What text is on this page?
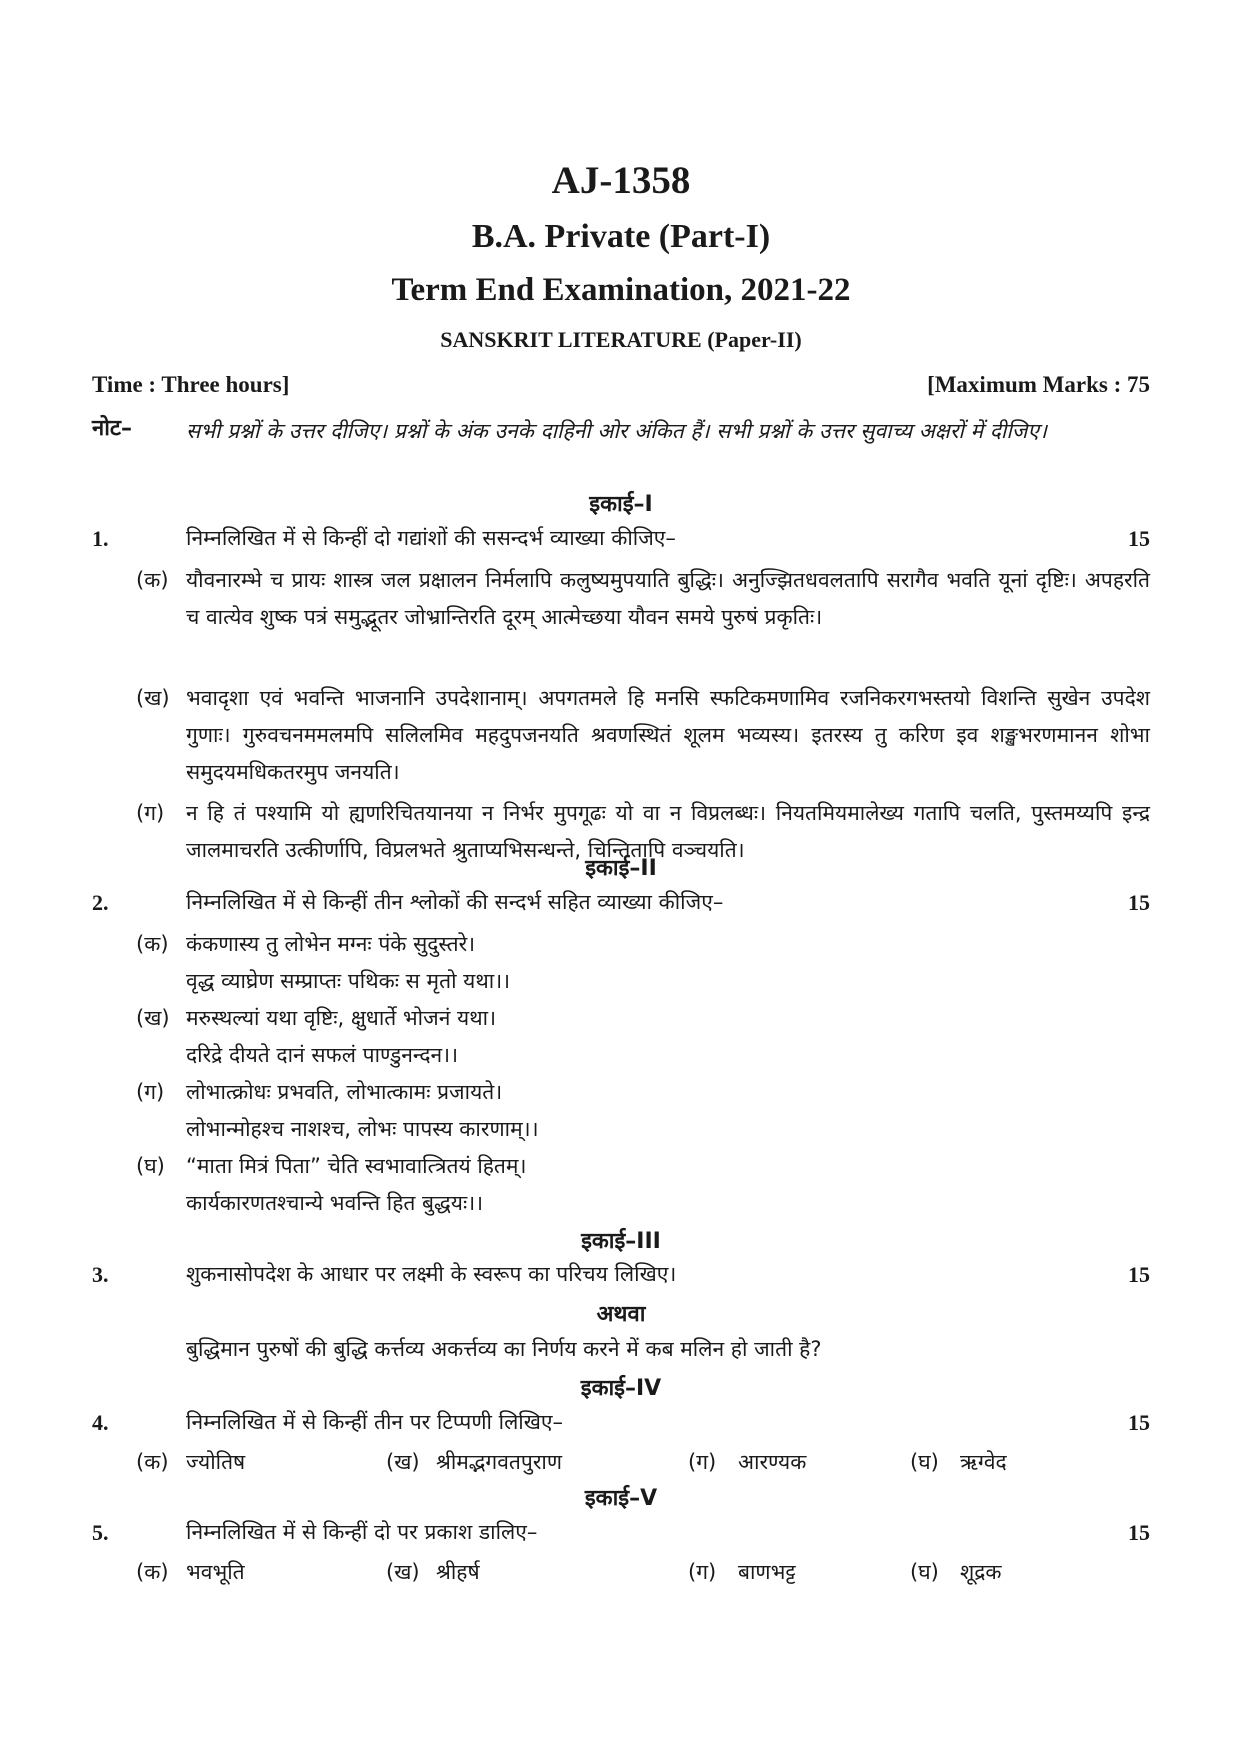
AJ-1358
B.A. Private (Part-I)
Term End Examination, 2021-22
SANSKRIT LITERATURE (Paper-II)
Time : Three hours]	[Maximum Marks : 75
नोट–	सभी प्रश्नों के उत्तर दीजिए। प्रश्नों के अंक उनके दाहिनी ओर अंकित हैं। सभी प्रश्नों के उत्तर सुवाच्य अक्षरों में दीजिए।
इकाई–I
1.	निम्नलिखित में से किन्हीं दो गद्यांशों की ससन्दर्भ व्याख्या कीजिए–	15
(क) यौवनारम्भे च प्रायः शास्त्र जल प्रक्षालन निर्मलापि कलुष्यमुपयाति बुद्धिः। अनुज्झितधवलतापि सरागैव भवति यूनां दृष्टिः। अपहरति च वात्येव शुष्क पत्रं समुद्भूतर जोभ्रान्तिरति दूरम् आत्मेच्छया यौवन समये पुरुषं प्रकृतिः।
(ख) भवादृशा एवं भवन्ति भाजनानि उपदेशानाम्। अपगतमले हि मनसि स्फटिकमणामिव रजनिकरगभस्तयो विशन्ति सुखेन उपदेश गुणाः। गुरुवचनममलमपि सलिलमिव महदुपजनयति श्रवणस्थितं शूलम भव्यस्य। इतरस्य तु करिण इव शङ्खभरणमानन शोभा समुदयमधिकतरमुप जनयति।
(ग) न हि तं पश्यामि यो ह्यणरिचितयानया न निर्भर मुपगूढः यो वा न विप्रलब्धः। नियतमियमालेख्य गतापि चलति, पुस्तमय्यपि इन्द्र जालमाचरति उत्कीर्णापि, विप्रलभते श्रुताप्यभिसन्धन्ते, चिन्तितापि वञ्चयति।
इकाई–II
2.	निम्नलिखित में से किन्हीं तीन श्लोकों की सन्दर्भ सहित व्याख्या कीजिए–	15
(क) कंकणास्य तु लोभेन मग्नः पंके सुदुस्तरे।
वृद्ध व्याघ्रेण सम्प्राप्तः पथिकः स मृतो यथा।।
(ख) मरुस्थल्यां यथा वृष्टिः, क्षुधार्ते भोजनं यथा।
दरिद्रे दीयते दानं सफलं पाण्डुनन्दन।।
(ग) लोभात्क्रोधः प्रभवति, लोभात्कामः प्रजायते।
लोभान्मोहश्च नाशश्च, लोभः पापस्य कारणाम्।।
(घ) “माता मित्रं पिता” चेति स्वभावात्त्रितयं हितम्।
कार्यकारणतश्चान्ये भवन्ति हित बुद्धयः।।
इकाई–III
3.	शुकनासोपदेश के आधार पर लक्ष्मी के स्वरूप का परिचय लिखिए।	15
अथवा
बुद्धिमान पुरुषों की बुद्धि कर्त्तव्य अकर्त्तव्य का निर्णय करने में कब मलिन हो जाती है?
इकाई–IV
4.	निम्नलिखित में से किन्हीं तीन पर टिप्पणी लिखिए–	15
(क) ज्योतिष	(ख) श्रीमद्भगवतपुराण	(ग) आरण्यक	(घ) ऋग्वेद
इकाई–V
5.	निम्नलिखित में से किन्हीं दो पर प्रकाश डालिए–	15
(क) भवभूति	(ख) श्रीहर्ष	(ग) बाणभट्ट	(घ) शूद्रक
